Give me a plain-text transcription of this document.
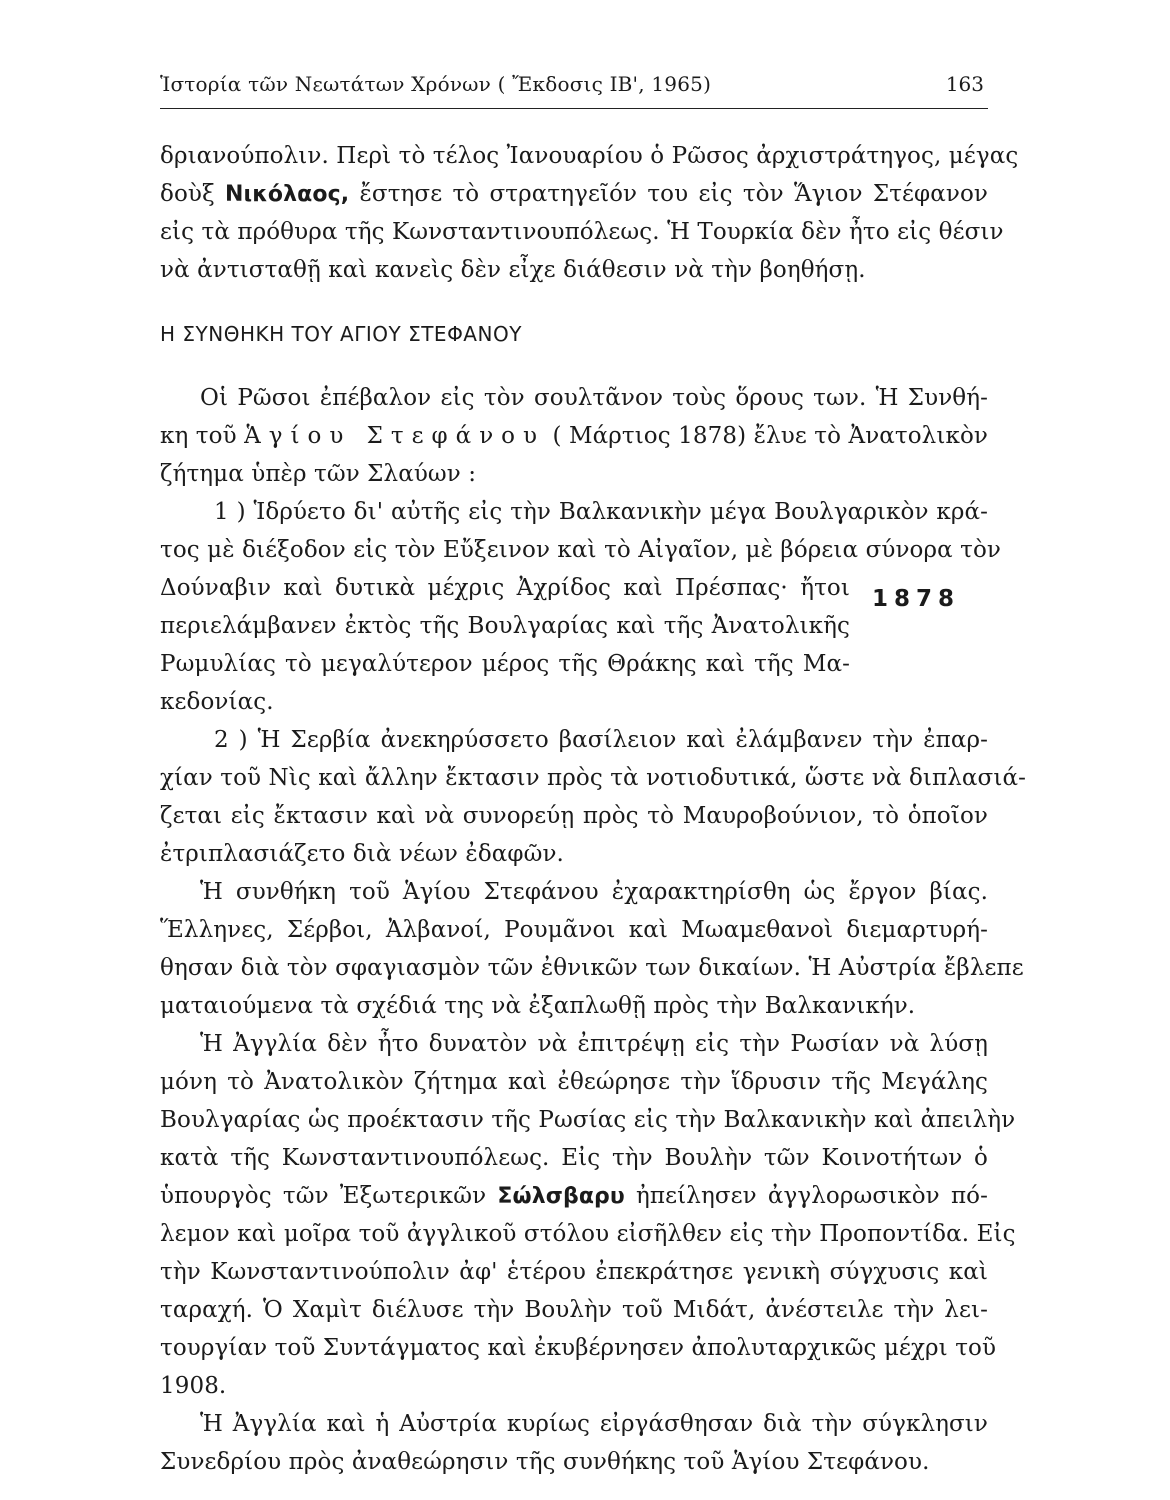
Ἱστορία τῶν Νεωτάτων Χρόνων ( Ἔκδοσις ΙΒ', 1965)	163
δριανούπολιν. Περὶ τὸ τέλος Ἰανουαρίου ὁ Ρῶσος ἀρχιστράτηγος, μέγας
δοὺξ Νικόλαος, ἔστησε τὸ στρατηγεῖόν του εἰς τὸν Ἅγιον Στέφανον
εἰς τὰ πρόθυρα τῆς Κωνσταντινουπόλεως. Ἡ Τουρκία δὲν ἦτο εἰς θέσιν
νὰ ἀντισταθῇ καὶ κανεὶς δὲν εἶχε διάθεσιν νὰ τὴν βοηθήσῃ.
Η ΣΥΝΘΗΚΗ ΤΟΥ ΑΓΙΟΥ ΣΤΕΦΑΝΟΥ
Οἱ Ρῶσοι ἐπέβαλον εἰς τὸν σουλτᾶνον τοὺς ὅρους των. Ἡ Συνθή-
κη τοῦ Ἁγίου Στεφάνου ( Μάρτιος 1878) ἔλυε τὸ Ἀνατολικὸν
ζήτημα ὑπὲρ τῶν Σλαύων :
1 ) Ἱδρύετο δι' αὐτῆς εἰς τὴν Βαλκανικὴν μέγα Βουλγαρικὸν κρά-
τος μὲ διέξοδον εἰς τὸν Εὔξεινον καὶ τὸ Αἰγαῖον, μὲ βόρεια σύνορα τὸν
Δούναβιν καὶ δυτικὰ μέχρις Ἀχρίδος καὶ Πρέσπας· ἤτοι
περιελάμβανεν ἐκτὸς τῆς Βουλγαρίας καὶ τῆς Ἀνατολικῆς
Ρωμυλίας τὸ μεγαλύτερον μέρος τῆς Θράκης καὶ τῆς Μα-
κεδονίας.
1878
2 ) Ἡ Σερβία ἀνεκηρύσσετο βασίλειον καὶ ἐλάμβανεν τὴν ἐπαρ-
χίαν τοῦ Νὶς καὶ ἄλλην ἔκτασιν πρὸς τὰ νοτιοδυτικά, ὥστε νὰ διπλασιά-
ζεται εἰς ἔκτασιν καὶ νὰ συνορεύῃ πρὸς τὸ Μαυροβούνιον, τὸ ὁποῖον
ἐτριπλασιάζετο διὰ νέων ἐδαφῶν.
Ἡ συνθήκη τοῦ Ἁγίου Στεφάνου ἐχαρακτηρίσθη ὡς ἔργον βίας.
Ἕλληνες, Σέρβοι, Ἀλβανοί, Ρουμᾶνοι καὶ Μωαμεθανοὶ διεμαρτυρή-
θησαν διὰ τὸν σφαγιασμὸν τῶν ἐθνικῶν των δικαίων. Ἡ Αὐστρία ἔβλεπε
ματαιούμενα τὰ σχέδιά της νὰ ἐξαπλωθῇ πρὸς τὴν Βαλκανικήν.
Ἡ Ἀγγλία δὲν ἦτο δυνατὸν νὰ ἐπιτρέψῃ εἰς τὴν Ρωσίαν νὰ λύσῃ
μόνη τὸ Ἀνατολικὸν ζήτημα καὶ ἐθεώρησε τὴν ἵδρυσιν τῆς Μεγάλης
Βουλγαρίας ὡς προέκτασιν τῆς Ρωσίας εἰς τὴν Βαλκανικὴν καὶ ἀπειλὴν
κατὰ τῆς Κωνσταντινουπόλεως. Εἰς τὴν Βουλὴν τῶν Κοινοτήτων ὁ
ὑπουργὸς τῶν Ἐξωτερικῶν Σώλσβαρυ ἠπείλησεν ἀγγλορωσικὸν πό-
λεμον καὶ μοῖρα τοῦ ἀγγλικοῦ στόλου εἰσῆλθεν εἰς τὴν Προποντίδα. Εἰς
τὴν Κωνσταντινούπολιν ἀφ' ἑτέρου ἐπεκράτησε γενικὴ σύγχυσις καὶ
ταραχή. Ὁ Χαμὶτ διέλυσε τὴν Βουλὴν τοῦ Μιδάτ, ἀνέστειλε τὴν λει-
τουργίαν τοῦ Συντάγματος καὶ ἐκυβέρνησεν ἀπολυταρχικῶς μέχρι τοῦ
1908.
Ἡ Ἀγγλία καὶ ἡ Αὐστρία κυρίως εἰργάσθησαν διὰ τὴν σύγκλησιν
Συνεδρίου πρὸς ἀναθεώρησιν τῆς συνθήκης τοῦ Ἁγίου Στεφάνου.
